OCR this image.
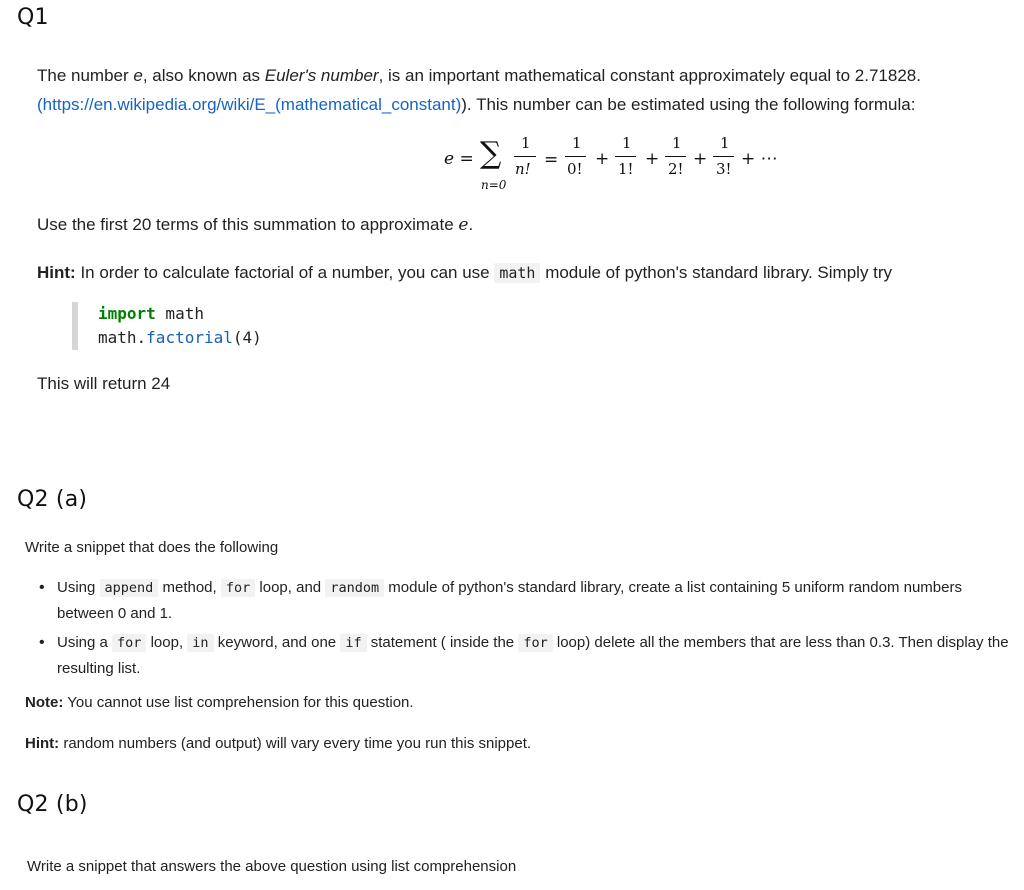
Q1
The number e, also known as Euler's number, is an important mathematical constant approximately equal to 2.71828.
(https://en.wikipedia.org/wiki/E_(mathematical_constant)). This number can be estimated using the following formula:
e = ∑
n=0
1
n! =
1
0! +
1
1! +
1
2! +
1
3! + ⋯
Use the first 20 terms of this summation to approximate e.
Hint: In order to calculate factorial of a number, you can use math module of python's standard library. Simply try
import math
math.factorial(4)
This will return 24
Q2 (a)
Write a snippet that does the following
• Using append method, for loop, and random module of python's standard library, create a list containing 5 uniform random numbers between 0 and 1.
• Using a for loop, in keyword, and one if statement ( inside the for loop) delete all the members that are less than 0.3. Then display the resulting list.
Note: You cannot use list comprehension for this question.
Hint: random numbers (and output) will vary every time you run this snippet.
Q2 (b)
Write a snippet that answers the above question using list comprehension
